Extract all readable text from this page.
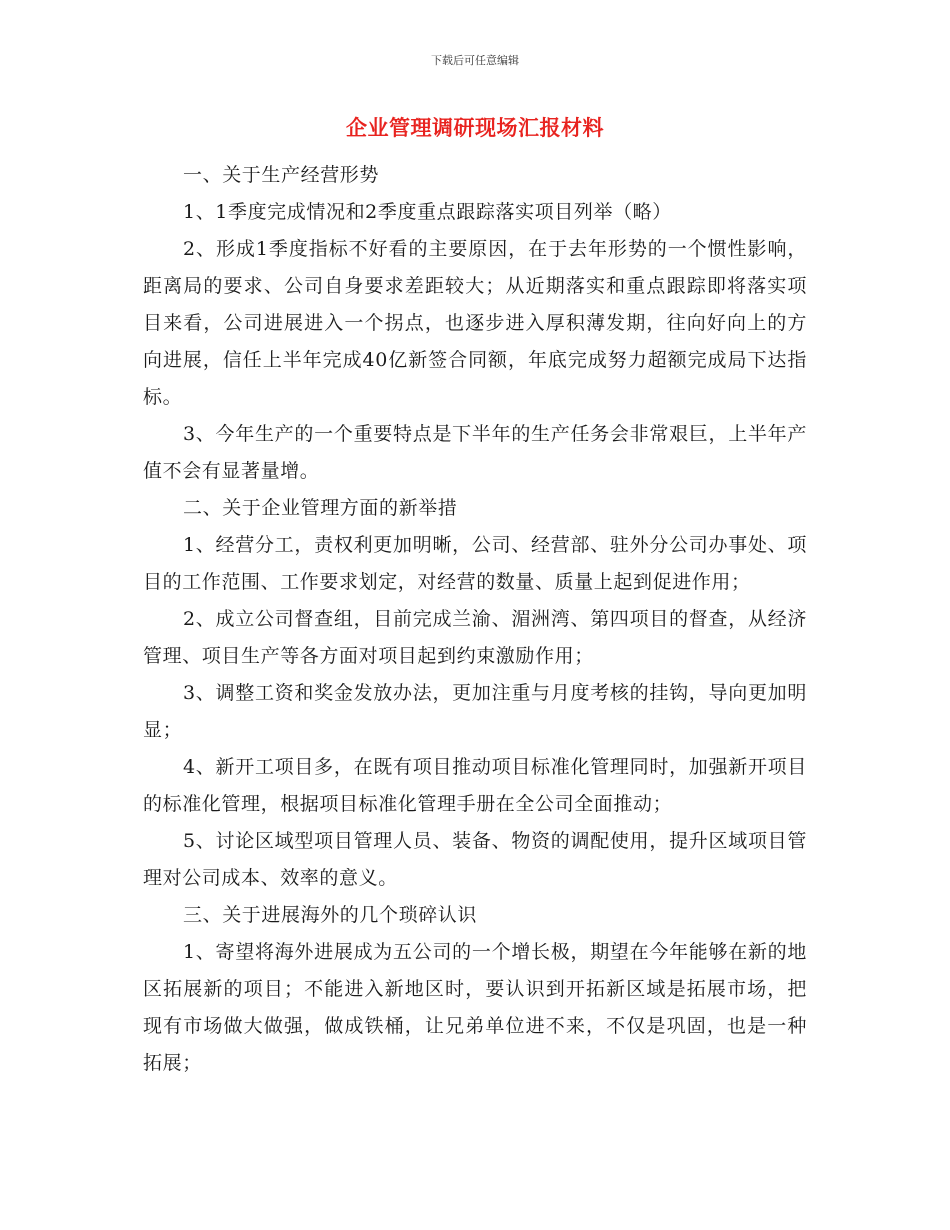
下载后可任意编辑
企业管理调研现场汇报材料

一、关于生产经营形势

1、1季度完成情况和2季度重点跟踪落实项目列举（略）

2、形成1季度指标不好看的主要原因，在于去年形势的一个惯性影响，距离局的要求、公司自身要求差距较大；从近期落实和重点跟踪即将落实项目来看，公司进展进入一个拐点，也逐步进入厚积薄发期，往向好向上的方向进展，信任上半年完成40亿新签合同额，年底完成努力超额完成局下达指标。

3、今年生产的一个重要特点是下半年的生产任务会非常艰巨，上半年产值不会有显著量增。

二、关于企业管理方面的新举措

1、经营分工，责权利更加明晰，公司、经营部、驻外分公司办事处、项目的工作范围、工作要求划定，对经营的数量、质量上起到促进作用；

2、成立公司督查组，目前完成兰渝、湄洲湾、第四项目的督查，从经济管理、项目生产等各方面对项目起到约束激励作用；

3、调整工资和奖金发放办法，更加注重与月度考核的挂钩，导向更加明显；

4、新开工项目多，在既有项目推动项目标准化管理同时，加强新开项目的标准化管理，根据项目标准化管理手册在全公司全面推动；

5、讨论区域型项目管理人员、装备、物资的调配使用，提升区域项目管理对公司成本、效率的意义。

三、关于进展海外的几个琐碎认识

1、寄望将海外进展成为五公司的一个增长极，期望在今年能够在新的地区拓展新的项目；不能进入新地区时，要认识到开拓新区域是拓展市场，把现有市场做大做强，做成铁桶，让兄弟单位进不来，不仅是巩固，也是一种拓展；
